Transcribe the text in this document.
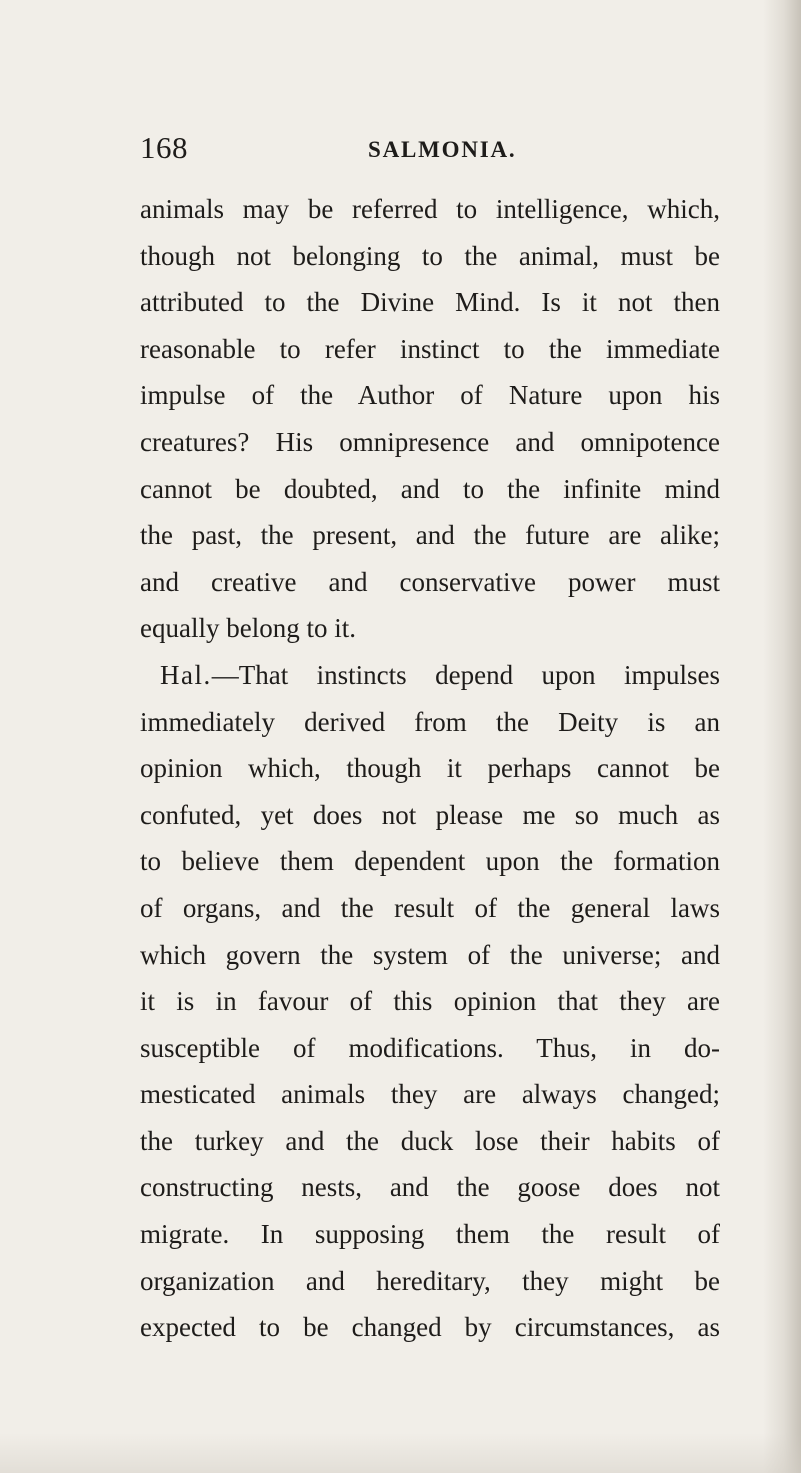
168	SALMONIA.
animals may be referred to intelligence, which,
though not belonging to the animal, must be
attributed to the Divine Mind. Is it not then
reasonable to refer instinct to the immediate
impulse of the Author of Nature upon his
creatures? His omnipresence and omnipotence
cannot be doubted, and to the infinite mind
the past, the present, and the future are alike;
and creative and conservative power must
equally belong to it.
Hal.—That instincts depend upon impulses
immediately derived from the Deity is an
opinion which, though it perhaps cannot be
confuted, yet does not please me so much as
to believe them dependent upon the formation
of organs, and the result of the general laws
which govern the system of the universe; and
it is in favour of this opinion that they are
susceptible of modifications. Thus, in do-
mesticated animals they are always changed;
the turkey and the duck lose their habits of
constructing nests, and the goose does not
migrate. In supposing them the result of
organization and hereditary, they might be
expected to be changed by circumstances, as
